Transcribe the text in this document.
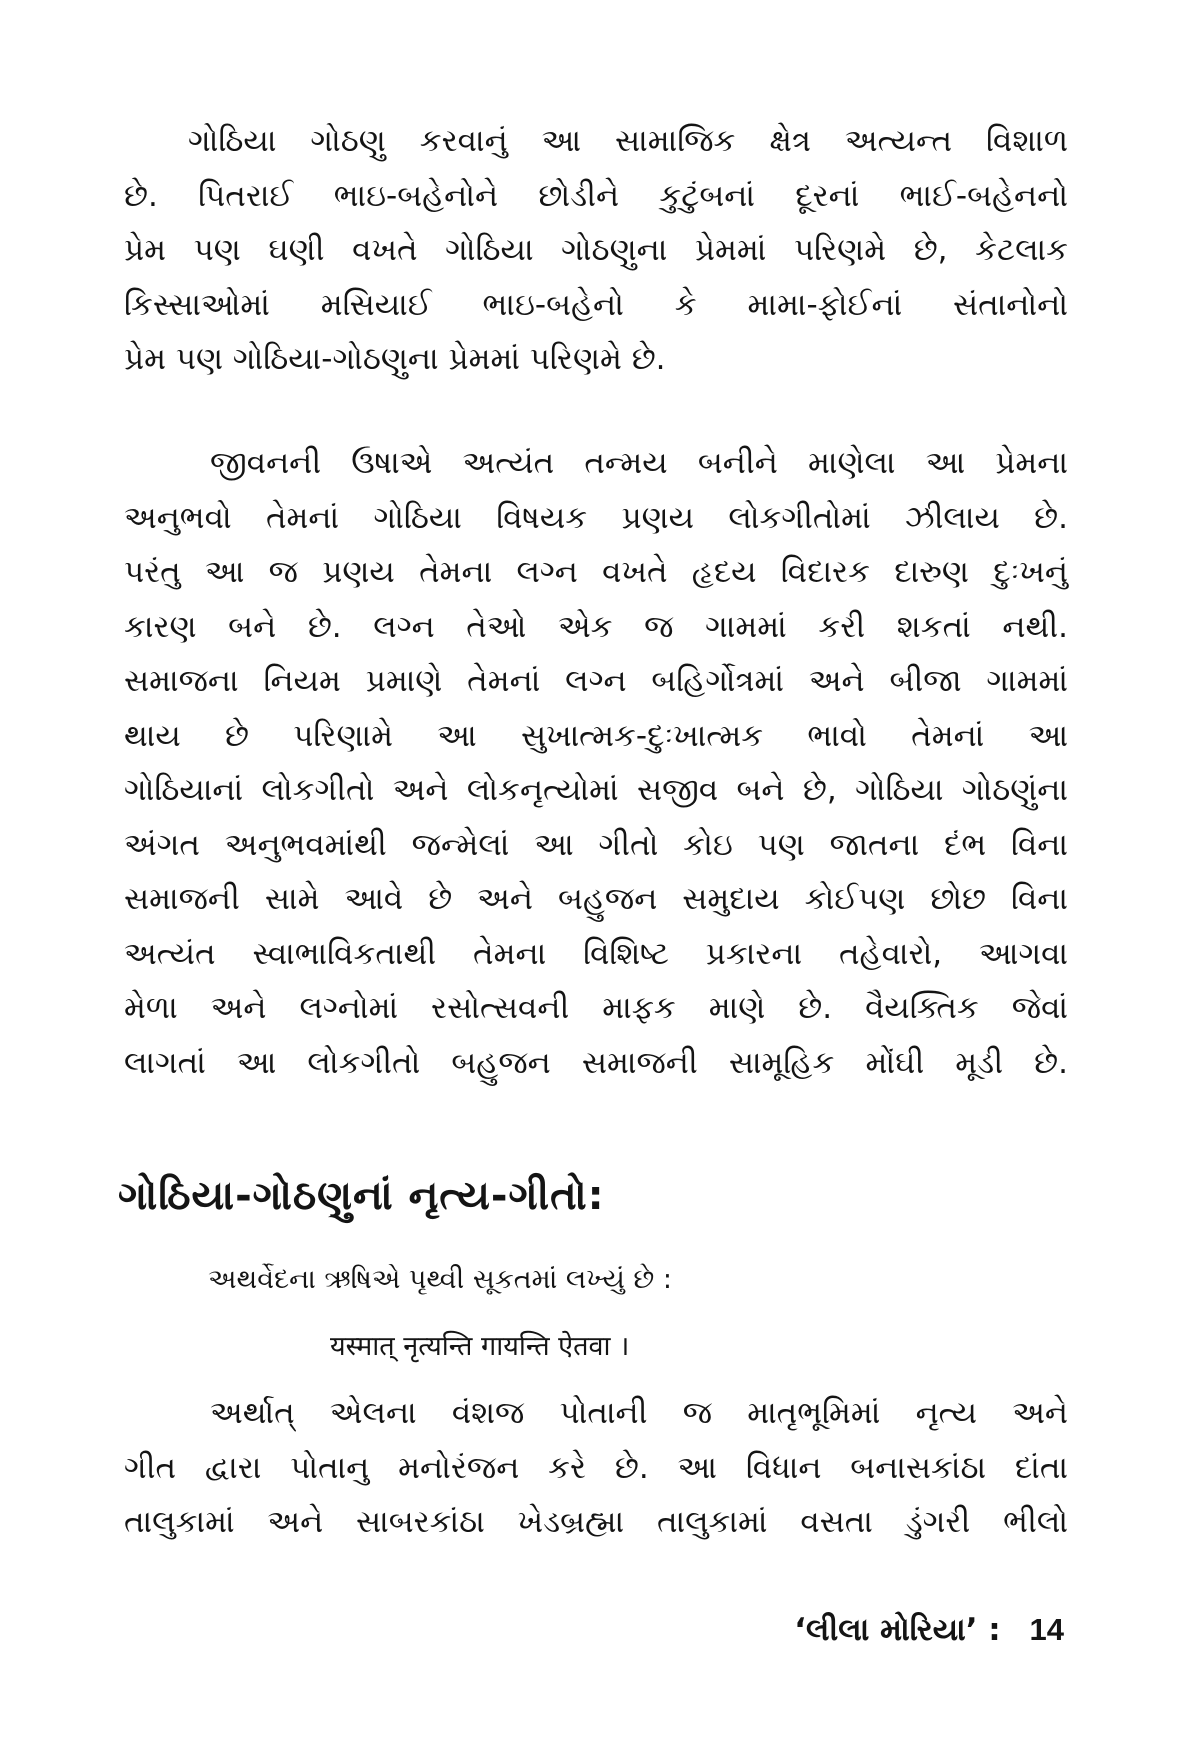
ગોઠિયા ગોઠણુ કરવાનું આ સામાજિક ક્ષેત્ર અત્યન્ત વિશાળ
છે. પિતરાઈ ભાઇ-બહેનોને છોડીને કુટુંબનાં દૂરનાં ભાઈ-બહેનનો
પ્રેમ પણ ઘણી વખતે ગોઠિયા ગોઠણુના પ્રેમમાં પરિણમે છે, કેટલાક
કિસ્સાઓમાં મસિયાઈ ભાઇ-બહેનો કે મામા-ફોઈનાં સંતાનોનો
પ્રેમ પણ ગોઠિયા-ગોઠણુના પ્રેમમાં પરિણમે છે.

જીવનની ઉષાએ અત્યંત તન્મય બનીને માણેલા આ પ્રેમના
અનુભવો તેમનાં ગોઠિયા વિષયક પ્રણય લોકગીતોમાં ઝીલાય છે.
પરંતુ આ જ પ્રણય તેમના લગ્ન વખતે હૃદય વિદારક દારુણ દુઃખનું
કારણ બને છે. લગ્ન તેઓ એક જ ગામમાં કરી શકતાં નથી.
સમાજના નિયમ પ્રમાણે તેમનાં લગ્ન બહિર્ગોત્રમાં અને બીજા ગામમાં
થાય છે પરિણામે આ સુખાત્મક-દુઃખાત્મક ભાવો તેમનાં આ
ગોઠિયાનાં લોકગીતો અને લોકનૃત્યોમાં સજીવ બને છે, ગોઠિયા ગોઠણુંના
અંગત અનુભવમાંથી જન્મેલાં આ ગીતો કોઇ પણ જાતના દંભ વિના
સમાજની સામે આવે છે અને બહુજન સમુદાય કોઈપણ છોછ વિના
અત્યંત સ્વાભાવિકતાથી તેમના વિશિષ્ટ પ્રકારના તહેવારો, આગવા
મેળા અને લગ્નોમાં રસોત્સવની માફક માણે છે. વૈયક્તિક જેવાં
લાગતાં આ લોકગીતો બહુજન સમાજની સામૂહિક મોંઘી મૂડી છે.

ગોઠિયા-ગોઠણુનાં નૃત્ય-ગીતો:
અથર્વેદના ઋષિએ પૃથ્વી સૂકતમાં લખ્યું છે :
यस्मात् नृत्यन्ति गायन्ति ऐतवा ।

અર્થાત્ એલના વંશજ પોતાની જ માતૃભૂમિમાં નૃત્ય અને
ગીત દ્વારા પોતાનુ મનોરંજન કરે છે. આ વિધાન બનાસકાંઠા દાંતા
તાલુકામાં અને સાબરકાંઠા ખેડબ્રહ્મા તાલુકામાં વસતા ડુંગરી ભીલો

‘લીલા મોરિયા’ : 14
